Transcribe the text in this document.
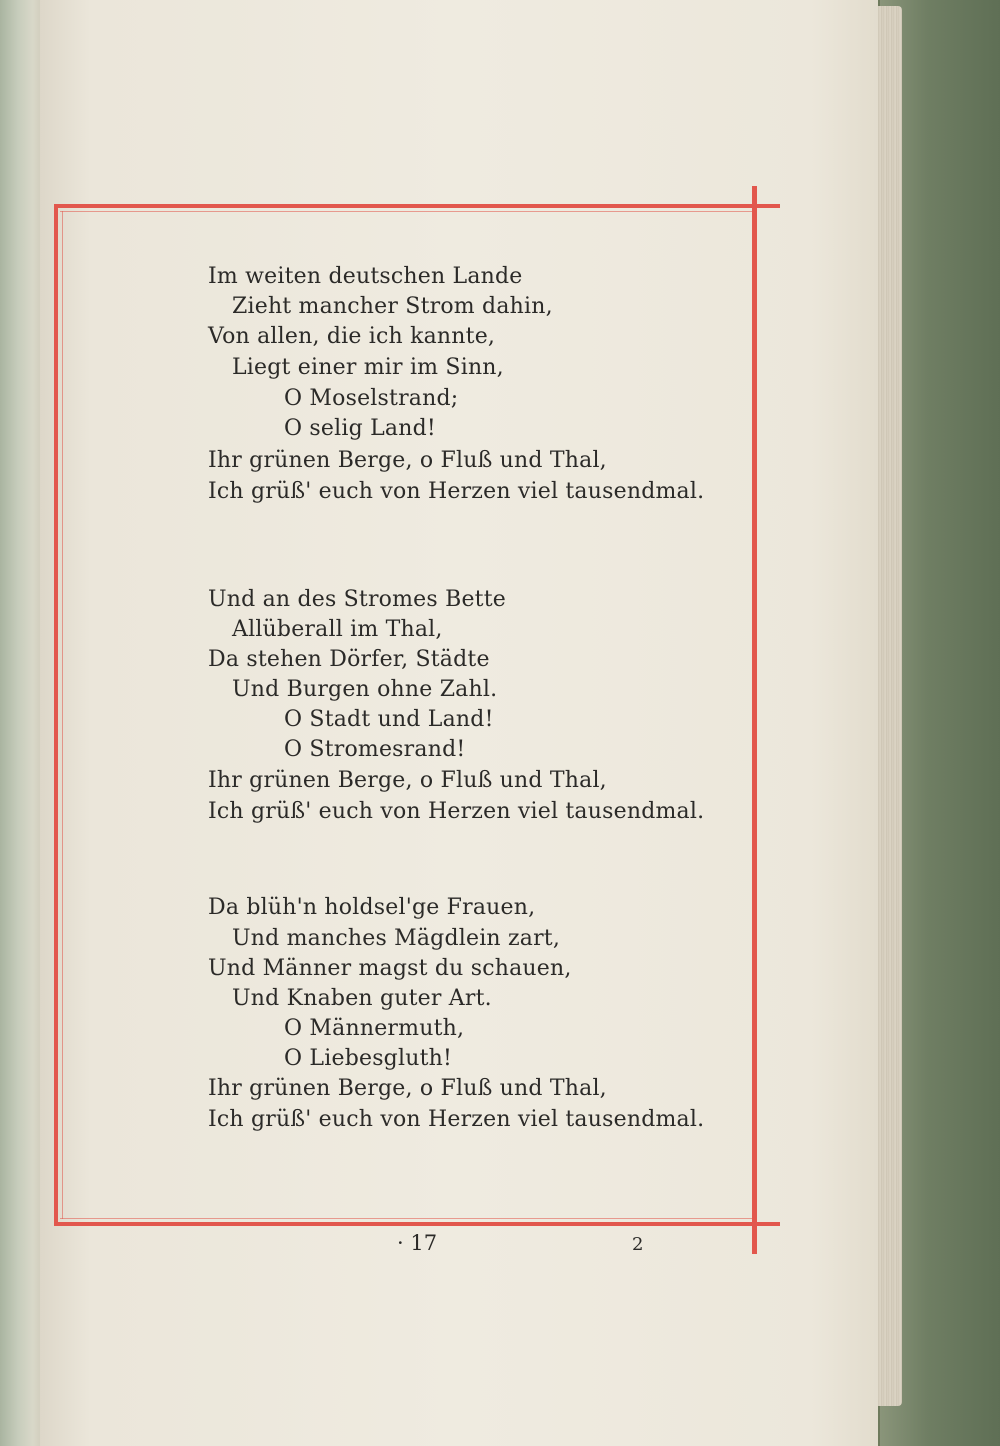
Im weiten deutschen Lande
Zieht mancher Strom dahin,
Von allen, die ich kannte,
Liegt einer mir im Sinn,
O Moselstrand;
O selig Land!
Ihr grünen Berge, o Fluß und Thal,
Ich grüß' euch von Herzen viel tausendmal.
Und an des Stromes Bette
Allüberall im Thal,
Da stehen Dörfer, Städte
Und Burgen ohne Zahl.
O Stadt und Land!
O Stromesrand!
Ihr grünen Berge, o Fluß und Thal,
Ich grüß' euch von Herzen viel tausendmal.
Da blüh'n holdsel'ge Frauen,
Und manches Mägdlein zart,
Und Männer magst du schauen,
Und Knaben guter Art.
O Männermuth,
O Liebesgluth!
Ihr grünen Berge, o Fluß und Thal,
Ich grüß' euch von Herzen viel tausendmal.
· 17	2
